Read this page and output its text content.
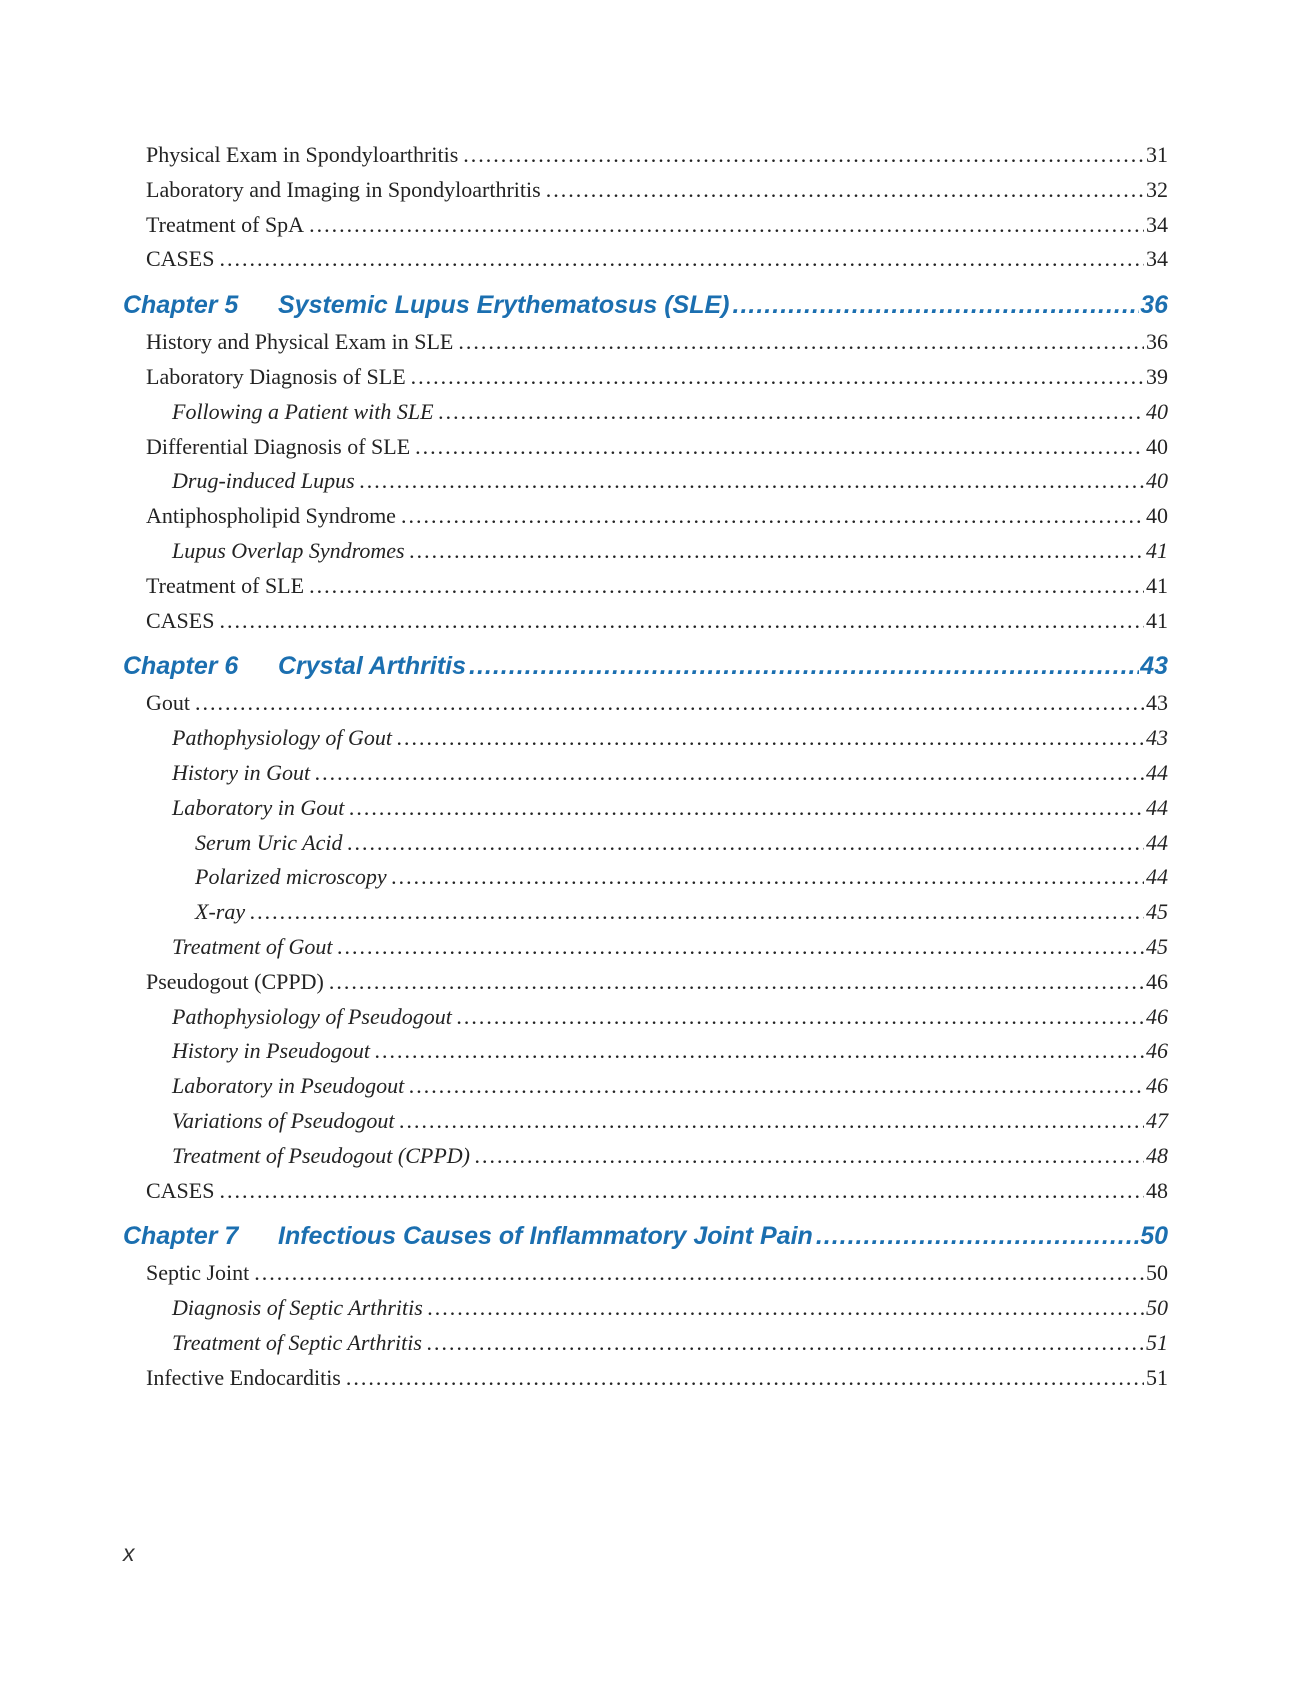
Physical Exam in Spondyloarthritis .....	31
Laboratory and Imaging in Spondyloarthritis .....	32
Treatment of SpA .....	34
CASES .....	34
Chapter 5	Systemic Lupus Erythematosus (SLE) .....	36
History and Physical Exam in SLE .....	36
Laboratory Diagnosis of SLE .....	39
Following a Patient with SLE .....	40
Differential Diagnosis of SLE .....	40
Drug-induced Lupus .....	40
Antiphospholipid Syndrome .....	40
Lupus Overlap Syndromes .....	41
Treatment of SLE .....	41
CASES .....	41
Chapter 6	Crystal Arthritis .....	43
Gout .....	43
Pathophysiology of Gout .....	43
History in Gout .....	44
Laboratory in Gout .....	44
Serum Uric Acid .....	44
Polarized microscopy .....	44
X-ray .....	45
Treatment of Gout .....	45
Pseudogout (CPPD) .....	46
Pathophysiology of Pseudogout .....	46
History in Pseudogout .....	46
Laboratory in Pseudogout .....	46
Variations of Pseudogout .....	47
Treatment of Pseudogout (CPPD) .....	48
CASES .....	48
Chapter 7	Infectious Causes of Inflammatory Joint Pain .....	50
Septic Joint .....	50
Diagnosis of Septic Arthritis .....	50
Treatment of Septic Arthritis .....	51
Infective Endocarditis .....	51
x
